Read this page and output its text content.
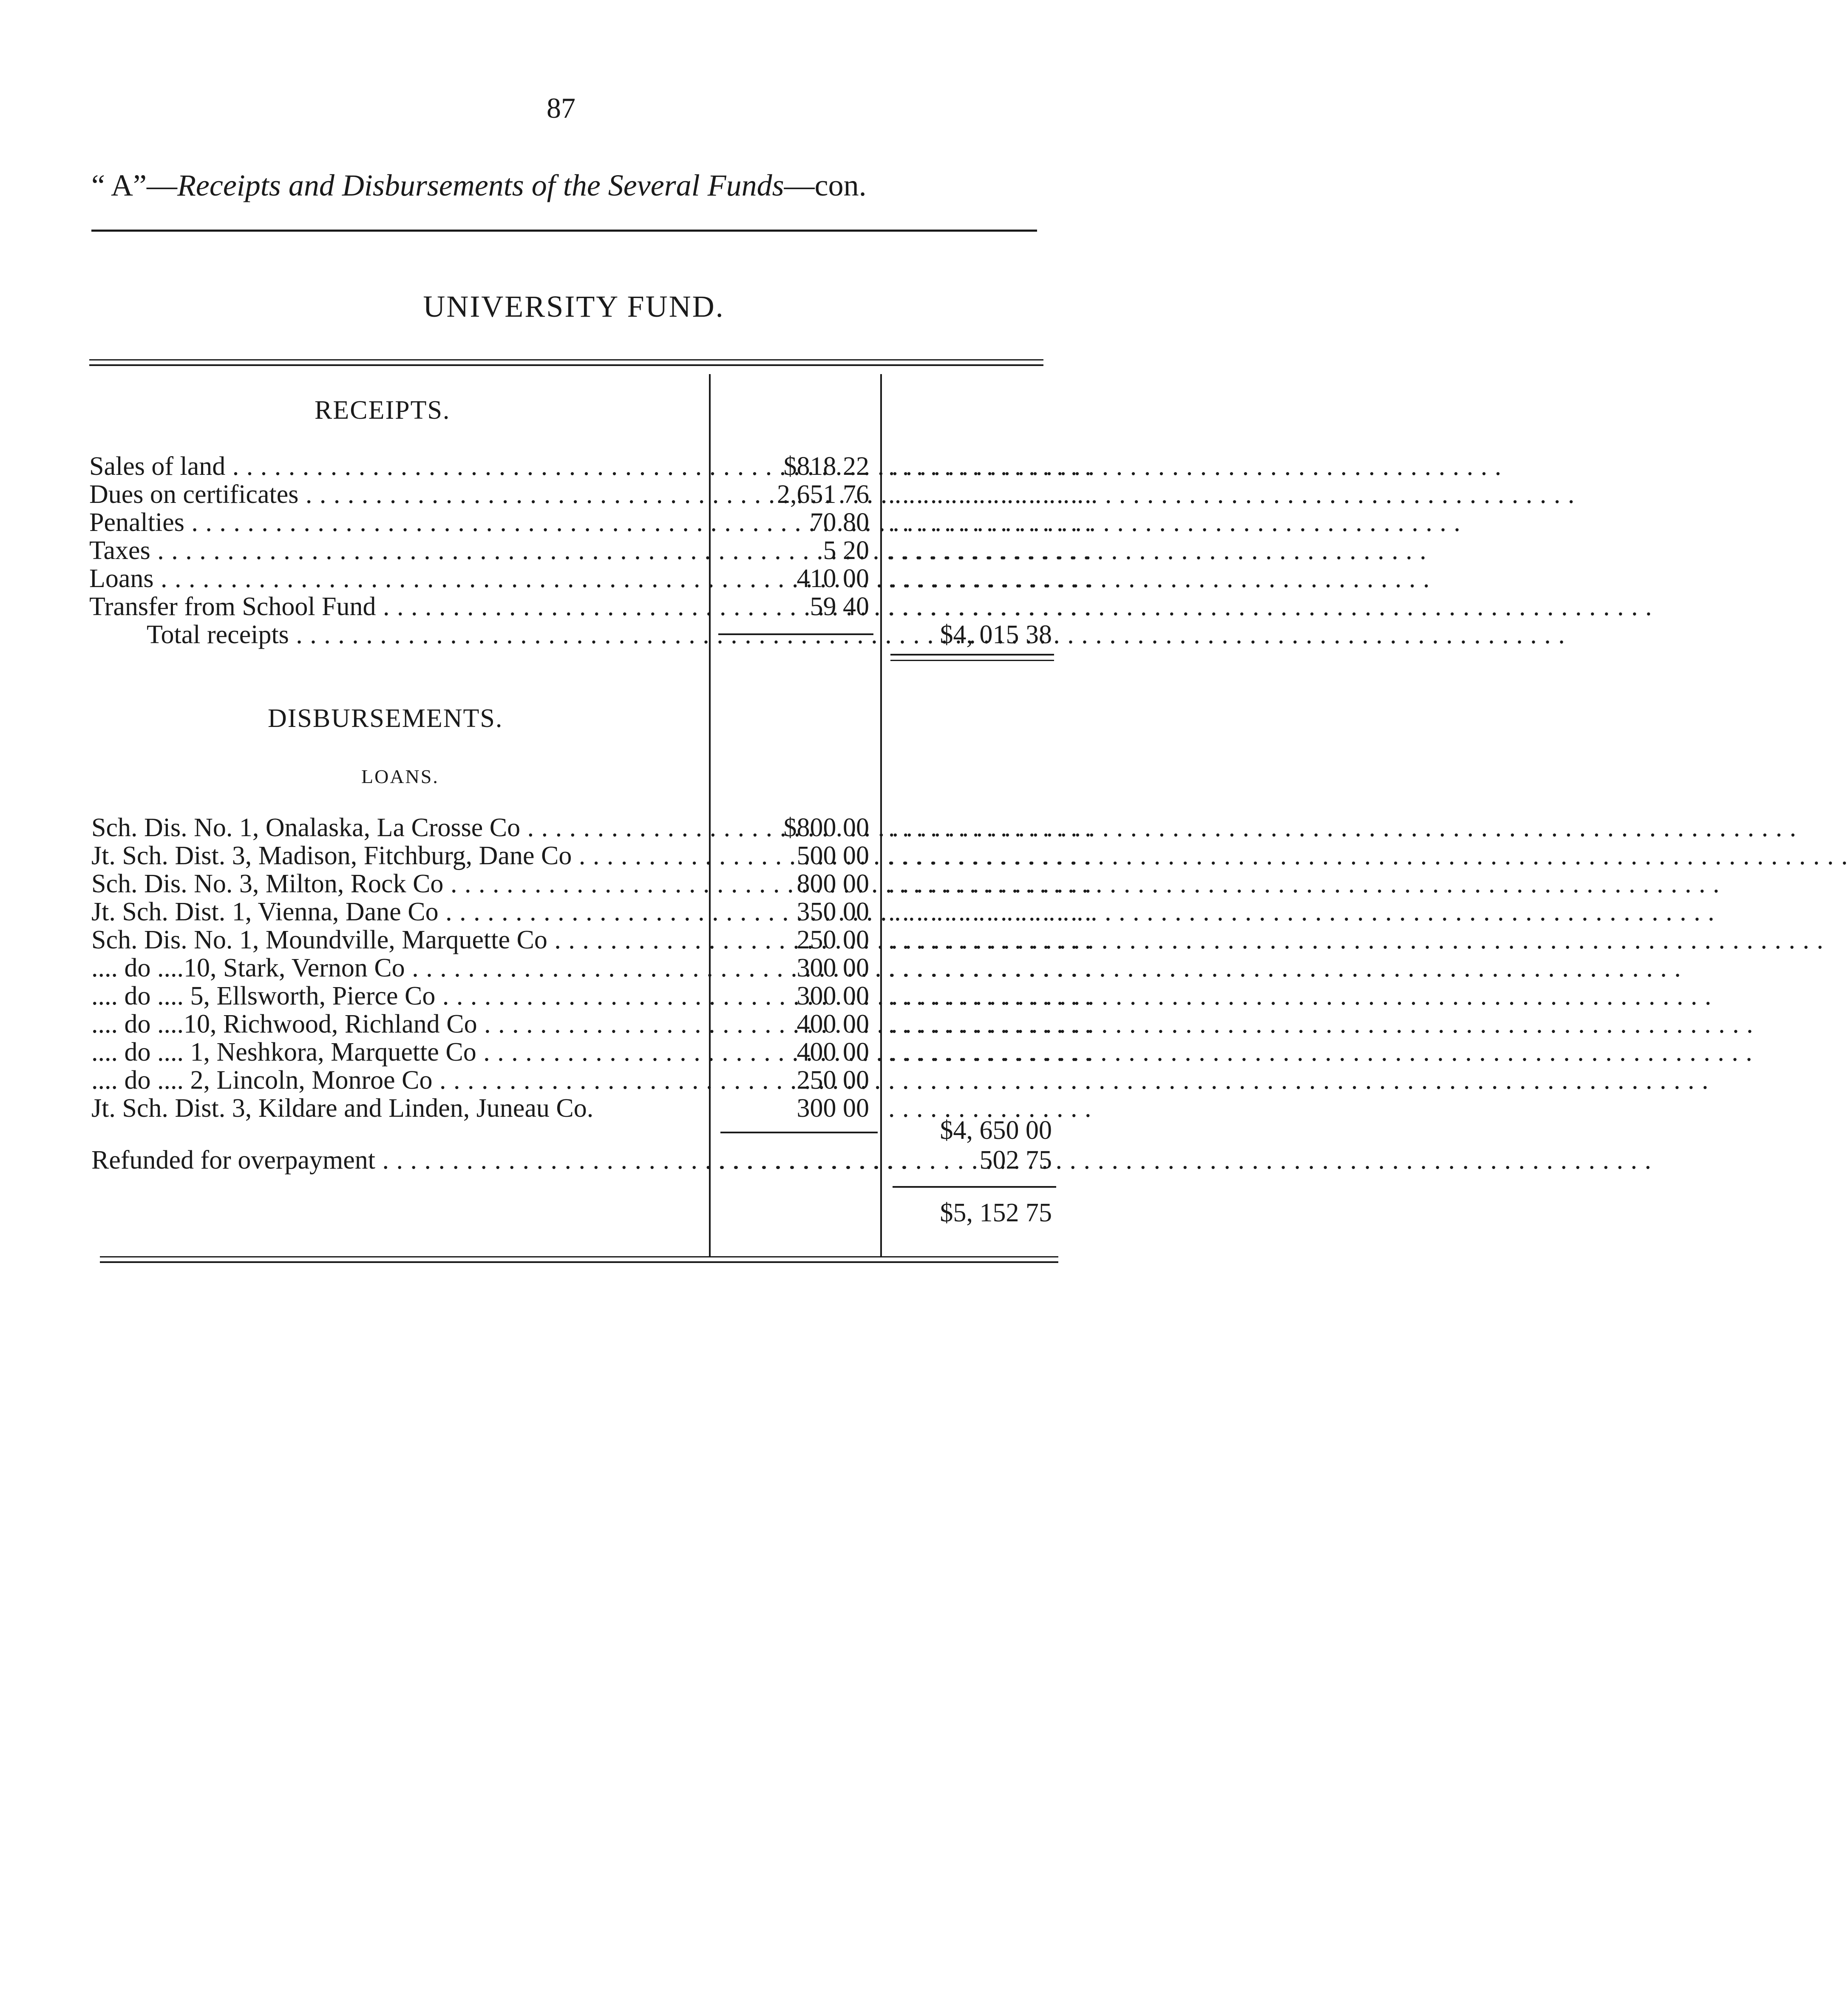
87
“ A”—Receipts and Disbursements of the Several Funds—con.
UNIVERSITY FUND.
RECEIPTS.
Sales of land . . .	$818 22 . . . . . . . . . . . . . . .
Dues on certificates . . .	2,651 76 . . . . . . . . . . . . . . .
Penalties . . .	70 80 . . . . . . . . . . . . . . .
Taxes . . .	5 20 . . . . . . . . . . . . . . .
Loans . . .	410 00 . . . . . . . . . . . . . . .
Transfer from School Fund . . .	59 40 . . . . . . . . . . . . . . .
Total receipts . . .	$4, 015 38
DISBURSEMENTS.
LOANS.
Sch. Dis. No. 1, Onalaska, La Crosse Co . . .	$800 00 . . . . . . . . . . . . . . .
Jt. Sch. Dist. 3, Madison, Fitchburg, Dane Co . . .	500 00 . . . . . . . . . . . . . . .
Sch. Dis. No. 3, Milton, Rock Co . . .	800 00 . . . . . . . . . . . . . . .
Jt. Sch. Dist. 1, Vienna, Dane Co . . .	350 00 . . . . . . . . . . . . . . .
Sch. Dis. No. 1, Moundville, Marquette Co . . .	250 00 . . . . . . . . . . . . . . .
.... do ....10, Stark, Vernon Co . . .	300 00 . . . . . . . . . . . . . . .
.... do .... 5, Ellsworth, Pierce Co . . .	300 00 . . . . . . . . . . . . . . .
.... do ....10, Richwood, Richland Co . . .	400 00 . . . . . . . . . . . . . . .
.... do .... 1, Neshkora, Marquette Co . . .	400 00 . . . . . . . . . . . . . . .
.... do .... 2, Lincoln, Monroe Co . . .	250 00 . . . . . . . . . . . . . . .
Jt. Sch. Dist. 3, Kildare and Linden, Juneau Co.	300 00 . . . . . . . . . . . . . . .
$4, 650 00
Refunded for overpayment . . .	. . . . . . . . . . . . . .	502 75
$5, 152 75
